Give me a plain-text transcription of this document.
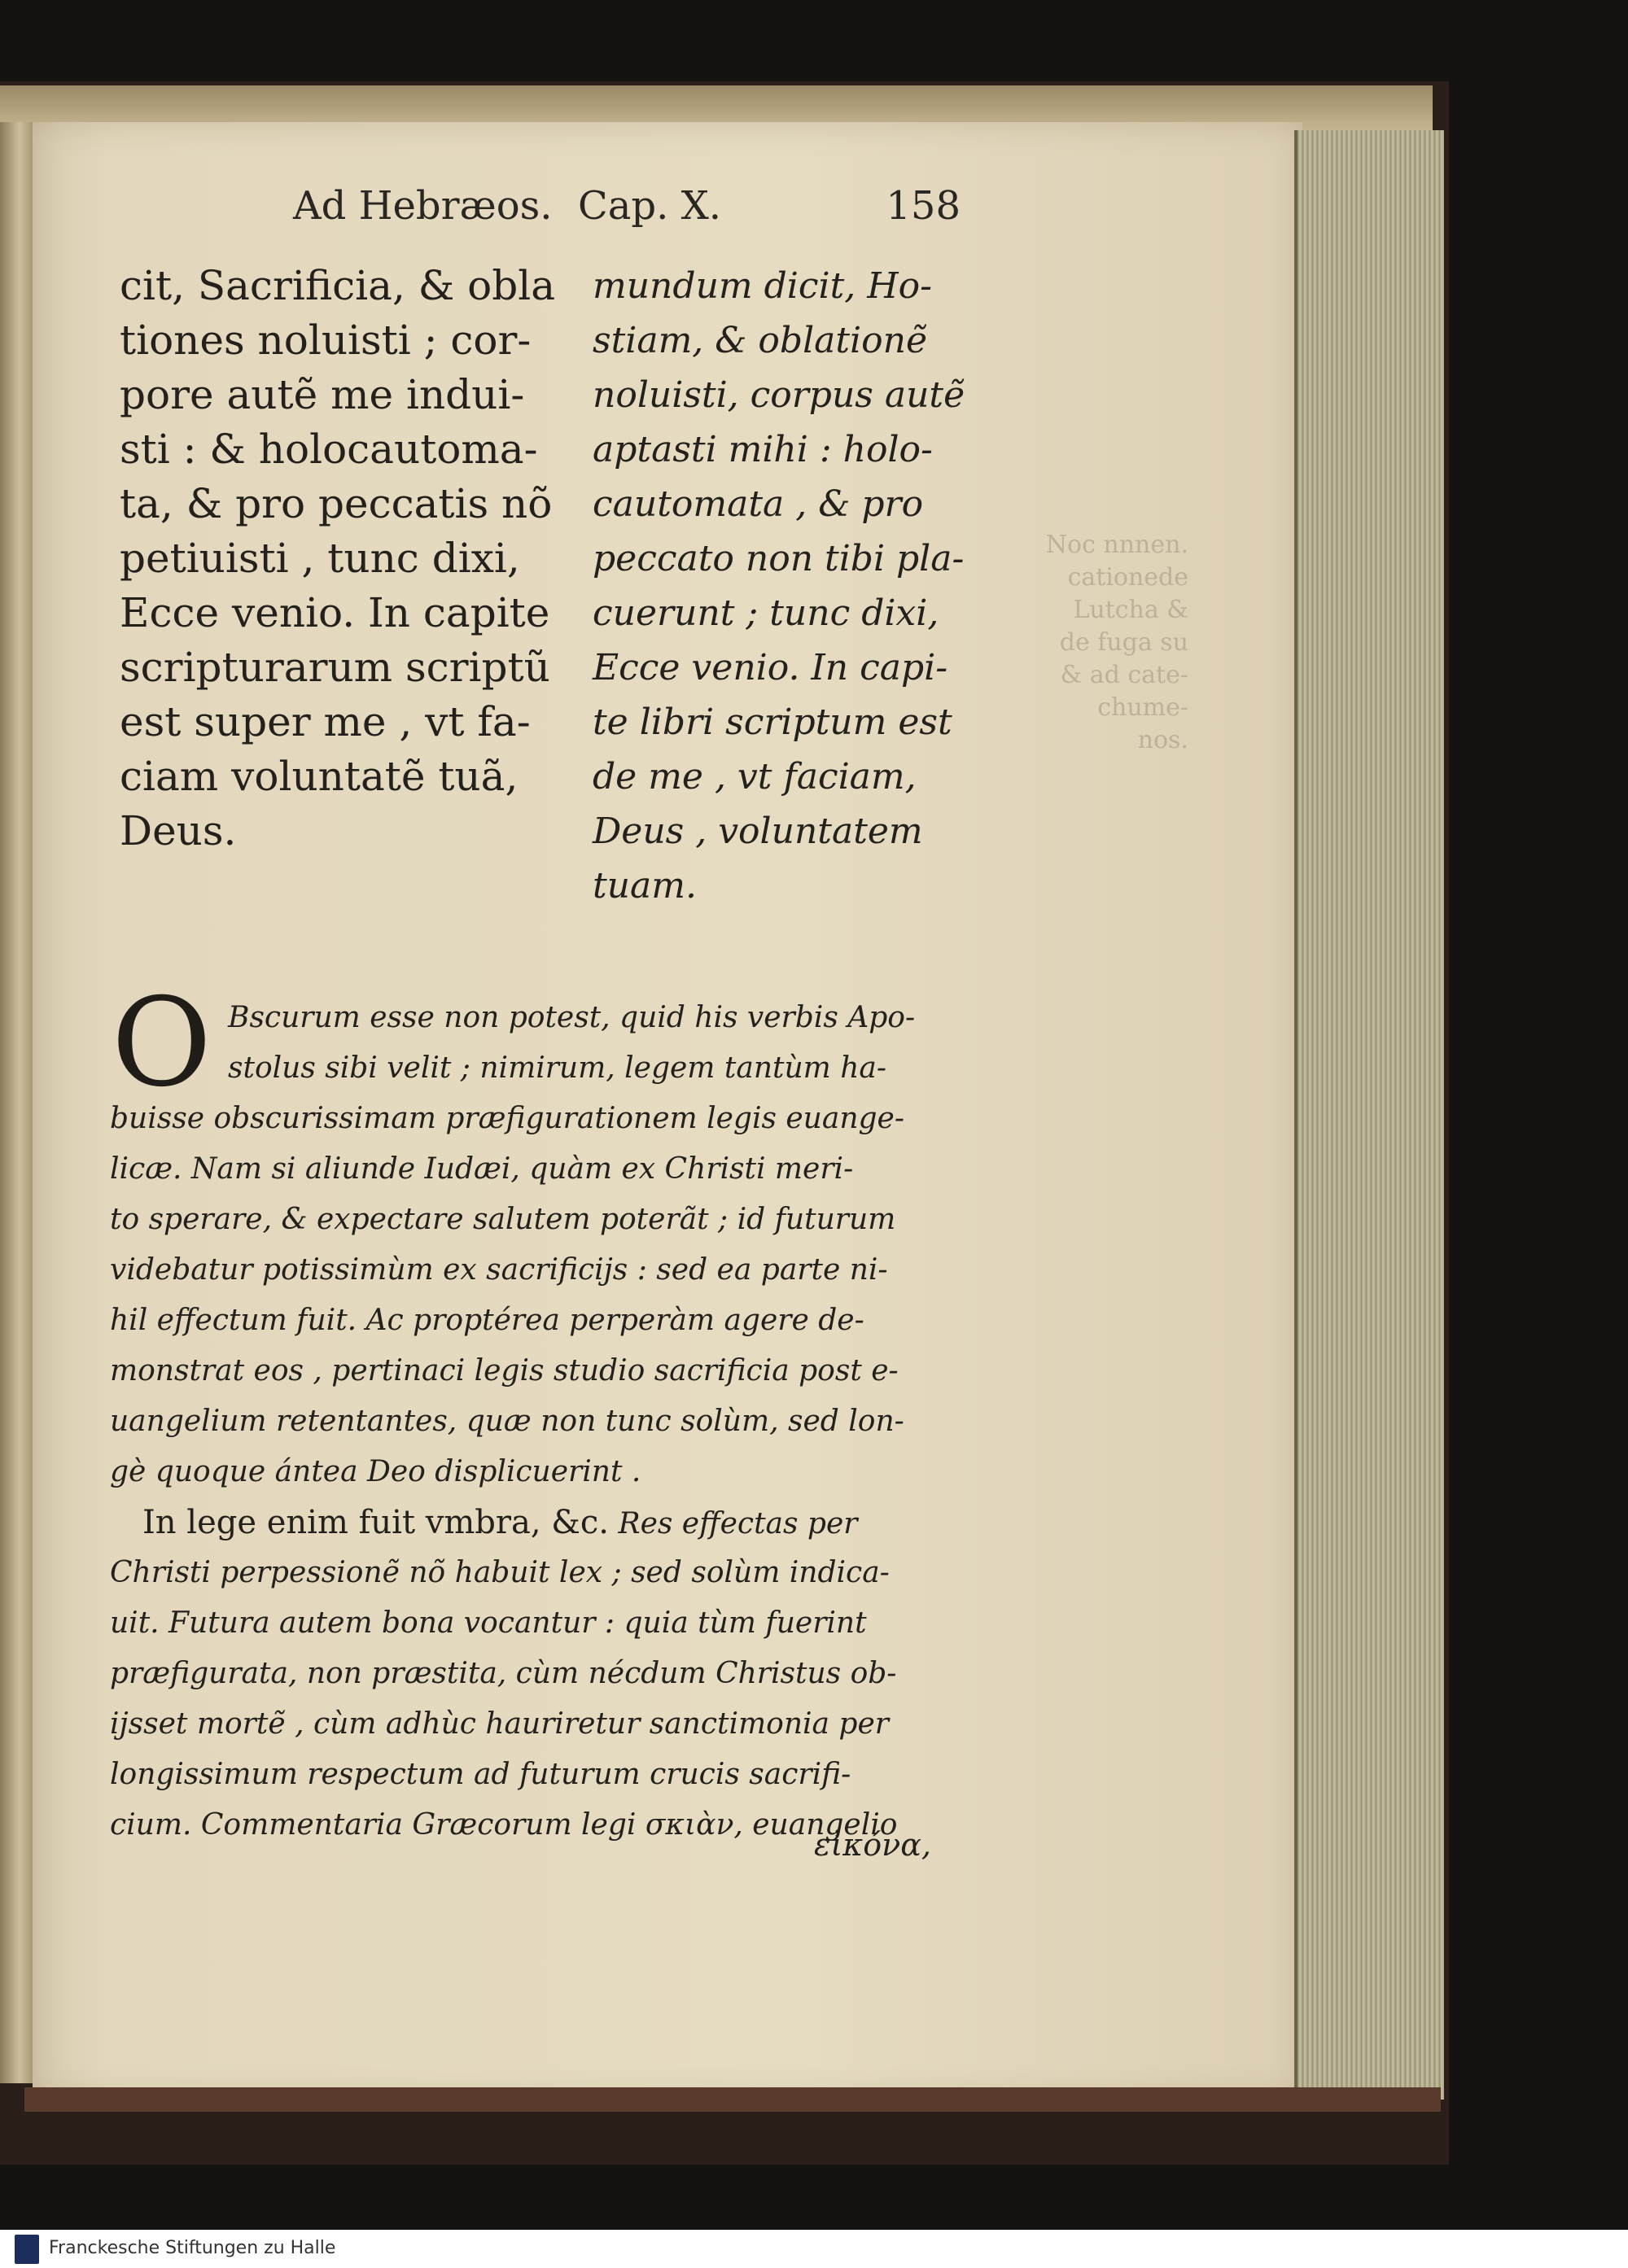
Noc nnnen.
cationede
Lutcha &
de fuga su
& ad cate-
chume-
nos.
Ad Hebræos. Cap. X.	158
cit, Sacrificia, & obla
tiones noluisti ; cor-
pore autẽ me indui-
sti : & holocautoma-
ta, & pro peccatis nõ
petiuisti , tunc dixi,
Ecce venio. In capite
scripturarum scriptũ
est super me , vt fa-
ciam voluntatẽ tuã,
Deus.
mundum dicit, Ho-
stiam, & oblationẽ
noluisti, corpus autẽ
aptasti mihi : holo-
cautomata , & pro
peccato non tibi pla-
cuerunt ; tunc dixi,
Ecce venio. In capi-
te libri scriptum est
de me , vt faciam,
Deus , voluntatem
tuam.
O Bscurum esse non potest, quid his verbis Apo-
stolus sibi velit ; nimirum, legem tantùm ha-
buisse obscurissimam præfigurationem legis euange-
licæ. Nam si aliunde Iudæi, quàm ex Christi meri-
to sperare, & expectare salutem poterãt ; id futurum
videbatur potissimùm ex sacrificijs : sed ea parte ni-
hil effectum fuit. Ac proptérea perperàm agere de-
monstrat eos , pertinaci legis studio sacrificia post e-
uangelium retentantes, quæ non tunc solùm, sed lon-
gè quoque ántea Deo displicuerint .
In lege enim fuit vmbra, &c. Res effectas per
Christi perpessionẽ nõ habuit lex ; sed solùm indica-
uit. Futura autem bona vocantur : quia tùm fuerint
præfigurata, non præstita, cùm nécdum Christus ob-
ijsset mortẽ , cùm adhùc hauriretur sanctimonia per
longissimum respectum ad futurum crucis sacrifi-
cium. Commentaria Græcorum legi σκιὰν, euangelio
εἰκόνα,
Franckesche Stiftungen zu Halle
